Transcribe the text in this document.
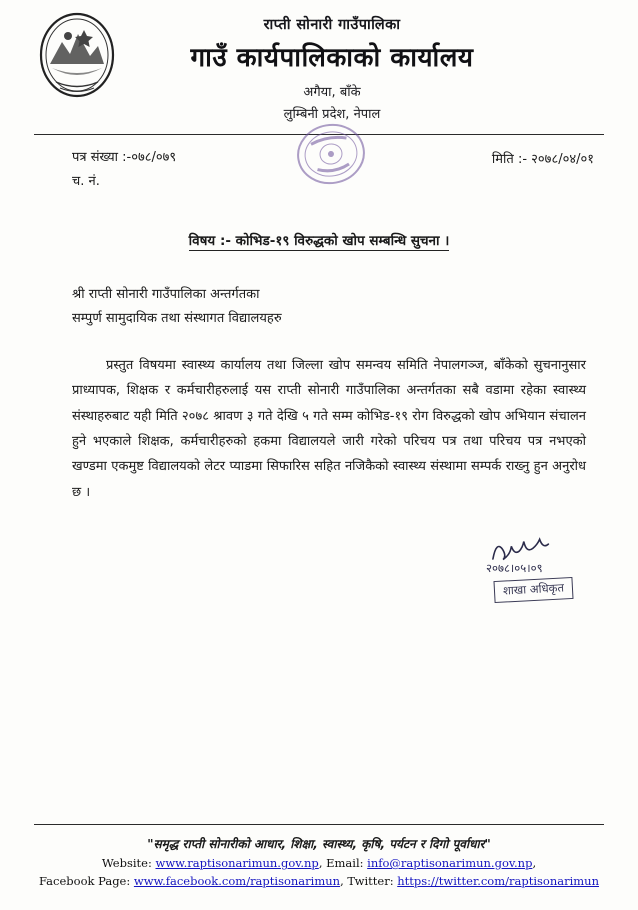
राप्ती सोनारी गाउँपालिका
गाउँ कार्यपालिकाको कार्यालय
अगैया, बाँके
लुम्बिनी प्रदेश, नेपाल
पत्र संख्या :-०७८/०७९
च. नं.
मिति :- २०७८/०४/०१
विषय :- कोभिड-१९ विरुद्धको खोप सम्बन्धि सुचना ।
श्री राप्ती सोनारी गाउँपालिका अन्तर्गतका
सम्पुर्ण सामुदायिक तथा संस्थागत विद्यालयहरु
प्रस्तुत विषयमा स्वास्थ्य कार्यालय तथा जिल्ला खोप समन्वय समिति नेपालगञ्ज, बाँकेको सुचनानुसार प्राध्यापक, शिक्षक र कर्मचारीहरुलाई यस राप्ती सोनारी गाउँपालिका अन्तर्गतका सबै वडामा रहेका स्वास्थ्य संस्थाहरुबाट यही मिति २०७८ श्रावण ३ गते देखि ५ गते सम्म कोभिड-१९ रोग विरुद्धको खोप अभियान संचालन हुने भएकाले शिक्षक, कर्मचारीहरुको हकमा विद्यालयले जारी गरेको परिचय पत्र तथा परिचय पत्र नभएको खण्डमा एकमुष्ट विद्यालयको लेटर प्याडमा सिफारिस सहित नजिकैको स्वास्थ्य संस्थामा सम्पर्क राख्नु हुन अनुरोध छ ।
२०७८।०५।०९
शाखा अधिकृत
"समृद्ध राप्ती सोनारीको आधार, शिक्षा, स्वास्थ्य, कृषि, पर्यटन र दिगो पूर्वाधार"
Website: www.raptisonarimun.gov.np, Email: info@raptisonarimun.gov.np,
Facebook Page: www.facebook.com/raptisonarimun, Twitter: https://twitter.com/raptisonarimun
